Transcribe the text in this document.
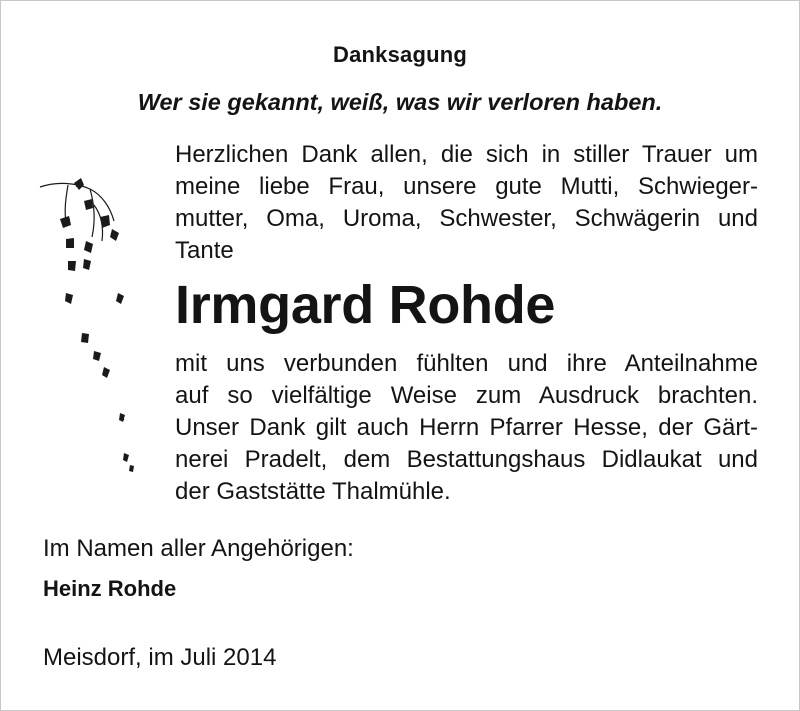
Danksagung
Wer sie gekannt, weiß, was wir verloren haben.
Herzlichen Dank allen, die sich in stiller Trauer um
meine liebe Frau, unsere gute Mutti, Schwieger-
mutter, Oma, Uroma, Schwester, Schwägerin und
Tante
Irmgard Rohde
mit uns verbunden fühlten und ihre Anteilnahme
auf so vielfältige Weise zum Ausdruck brachten.
Unser Dank gilt auch Herrn Pfarrer Hesse, der Gärt-
nerei Pradelt, dem Bestattungshaus Didlaukat und
der Gaststätte Thalmühle.
Im Namen aller Angehörigen:
Heinz Rohde
Meisdorf, im Juli 2014
